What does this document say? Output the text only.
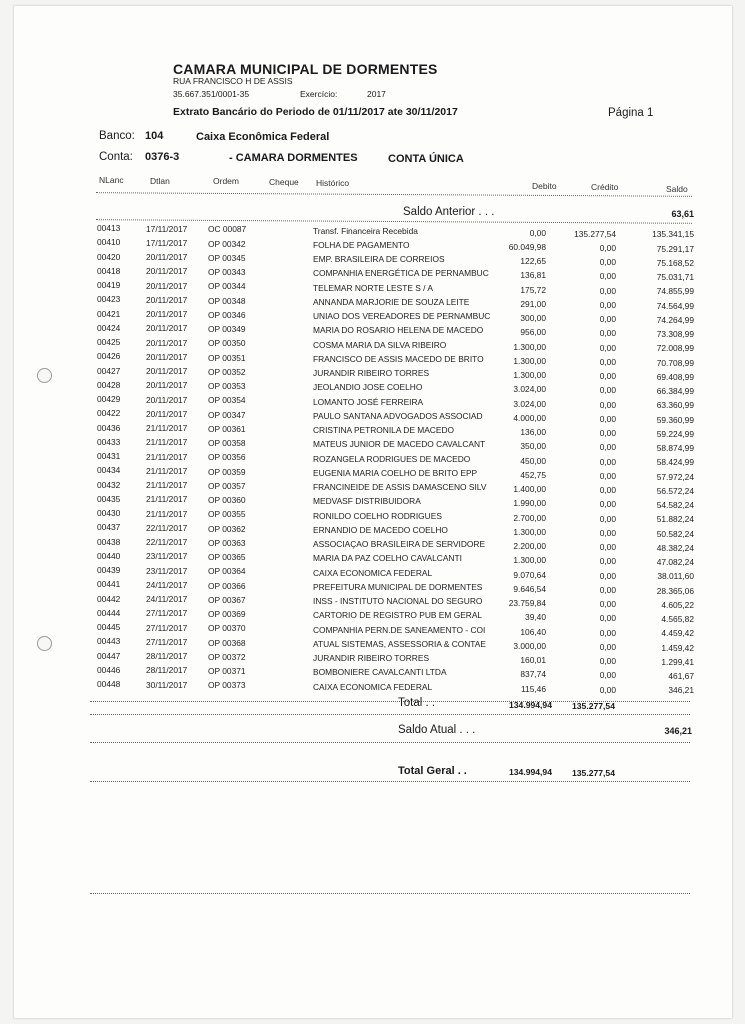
CAMARA MUNICIPAL DE DORMENTES
RUA FRANCISCO H DE ASSIS
35.667.351/0001-35	Exercício:	2017
Extrato Bancário do Periodo de 01/11/2017 ate 30/11/2017	Página 1
Banco: 104	Caixa Econômica Federal
Conta: 0376-3	- CAMARA DORMENTES	CONTA ÚNICA
NLanc	Dtlan	Ordem	Cheque Histórico	Debito	Crédito	Saldo
Saldo Anterior . . .	63,61
00413	17/11/2017	OC 00087	Transf. Financeira Recebida	0,00	135.277,54	135.341,15
00410	17/11/2017	OP 00342	FOLHA DE PAGAMENTO	60.049,98	0,00	75.291,17
00420	20/11/2017	OP 00345	EMP. BRASILEIRA DE CORREIOS	122,65	0,00	75.168,52
00418	20/11/2017	OP 00343	COMPANHIA ENERGÉTICA DE PERNAMBUC	136,81	0,00	75.031,71
00419	20/11/2017	OP 00344	TELEMAR NORTE LESTE S / A	175,72	0,00	74.855,99
00423	20/11/2017	OP 00348	ANNANDA MARJORIE DE SOUZA LEITE	291,00	0,00	74.564,99
00421	20/11/2017	OP 00346	UNIAO DOS VEREADORES DE PERNAMBUC	300,00	0,00	74.264,99
00424	20/11/2017	OP 00349	MARIA DO ROSARIO HELENA DE MACEDO	956,00	0,00	73.308,99
00425	20/11/2017	OP 00350	COSMA MARIA DA SILVA RIBEIRO	1.300,00	0,00	72.008,99
00426	20/11/2017	OP 00351	FRANCISCO DE ASSIS MACEDO DE BRITO	1.300,00	0,00	70.708,99
00427	20/11/2017	OP 00352	JURANDIR RIBEIRO TORRES	1.300,00	0,00	69.408,99
00428	20/11/2017	OP 00353	JEOLANDIO JOSE COELHO	3.024,00	0,00	66.384,99
00429	20/11/2017	OP 00354	LOMANTO JOSÉ FERREIRA	3.024,00	0,00	63.360,99
00422	20/11/2017	OP 00347	PAULO SANTANA ADVOGADOS ASSOCIAD	4.000,00	0,00	59.360,99
00436	21/11/2017	OP 00361	CRISTINA PETRONILA DE MACEDO	136,00	0,00	59.224,99
00433	21/11/2017	OP 00358	MATEUS JUNIOR DE MACEDO CAVALCANT	350,00	0,00	58.874,99
00431	21/11/2017	OP 00356	ROZANGELA RODRIGUES DE MACEDO	450,00	0,00	58.424,99
00434	21/11/2017	OP 00359	EUGENIA MARIA COELHO DE BRITO EPP	452,75	0,00	57.972,24
00432	21/11/2017	OP 00357	FRANCINEIDE DE ASSIS DAMASCENO SILV	1.400,00	0,00	56.572,24
00435	21/11/2017	OP 00360	MEDVASF DISTRIBUIDORA	1.990,00	0,00	54.582,24
00430	21/11/2017	OP 00355	RONILDO COELHO RODRIGUES	2.700,00	0,00	51.882,24
00437	22/11/2017	OP 00362	ERNANDIO DE MACEDO COELHO	1.300,00	0,00	50.582,24
00438	22/11/2017	OP 00363	ASSOCIAÇAO BRASILEIRA DE SERVIDORE	2.200,00	0,00	48.382,24
00440	23/11/2017	OP 00365	MARIA DA PAZ COELHO CAVALCANTI	1.300,00	0,00	47.082,24
00439	23/11/2017	OP 00364	CAIXA ECONOMICA FEDERAL	9.070,64	0,00	38.011,60
00441	24/11/2017	OP 00366	PREFEITURA MUNICIPAL DE DORMENTES	9.646,54	0,00	28.365,06
00442	24/11/2017	OP 00367	INSS - INSTITUTO NACIONAL DO SEGURO	23.759,84	0,00	4.605,22
00444	27/11/2017	OP 00369	CARTORIO DE REGISTRO PUB EM GERAL	39,40	0,00	4.565,82
00445	27/11/2017	OP 00370	COMPANHIA PERN.DE SANEAMENTO - COI	106,40	0,00	4.459,42
00443	27/11/2017	OP 00368	ATUAL SISTEMAS, ASSESSORIA & CONTAE	3.000,00	0,00	1.459,42
00447	28/11/2017	OP 00372	JURANDIR RIBEIRO TORRES	160,01	0,00	1.299,41
00446	28/11/2017	OP 00371	BOMBONIERE CAVALCANTI LTDA	837,74	0,00	461,67
00448	30/11/2017	OP 00373	CAIXA ECONOMICA FEDERAL	115,46	0,00	346,21
Total . .	134.994,94	135.277,54
Saldo Atual . . .	346,21
Total Geral . .	134.994,94	135.277,54
